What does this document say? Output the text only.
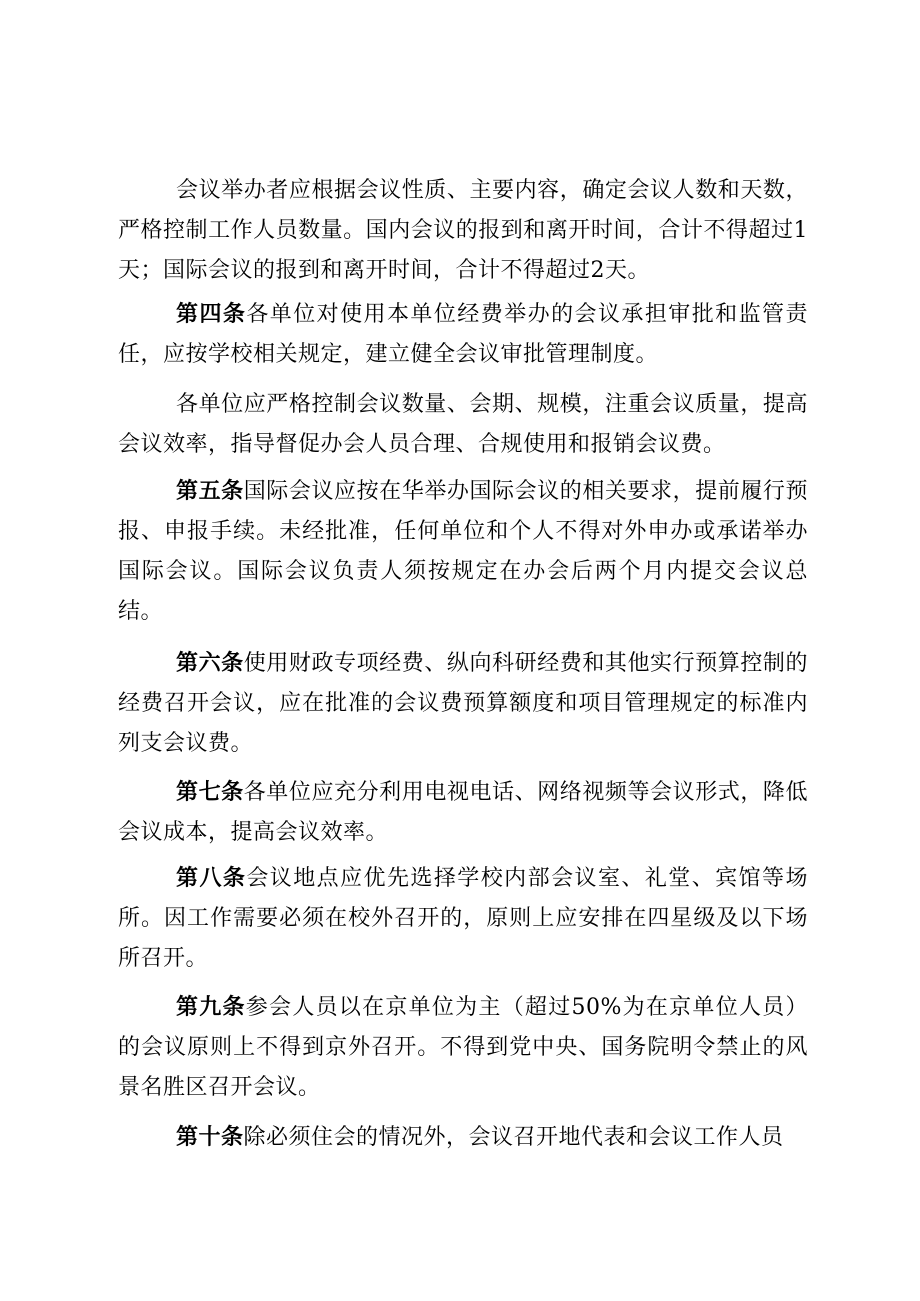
会议举办者应根据会议性质、主要内容，确定会议人数和天数，严格控制工作人员数量。国内会议的报到和离开时间，合计不得超过1天；国际会议的报到和离开时间，合计不得超过2天。

第四条各单位对使用本单位经费举办的会议承担审批和监管责任，应按学校相关规定，建立健全会议审批管理制度。

各单位应严格控制会议数量、会期、规模，注重会议质量，提高会议效率，指导督促办会人员合理、合规使用和报销会议费。

第五条国际会议应按在华举办国际会议的相关要求，提前履行预报、申报手续。未经批准，任何单位和个人不得对外申办或承诺举办国际会议。国际会议负责人须按规定在办会后两个月内提交会议总结。

第六条使用财政专项经费、纵向科研经费和其他实行预算控制的经费召开会议，应在批准的会议费预算额度和项目管理规定的标准内列支会议费。

第七条各单位应充分利用电视电话、网络视频等会议形式，降低会议成本，提高会议效率。

第八条会议地点应优先选择学校内部会议室、礼堂、宾馆等场所。因工作需要必须在校外召开的，原则上应安排在四星级及以下场所召开。

第九条参会人员以在京单位为主（超过50%为在京单位人员）的会议原则上不得到京外召开。不得到党中央、国务院明令禁止的风景名胜区召开会议。

第十条除必须住会的情况外，会议召开地代表和会议工作人员
